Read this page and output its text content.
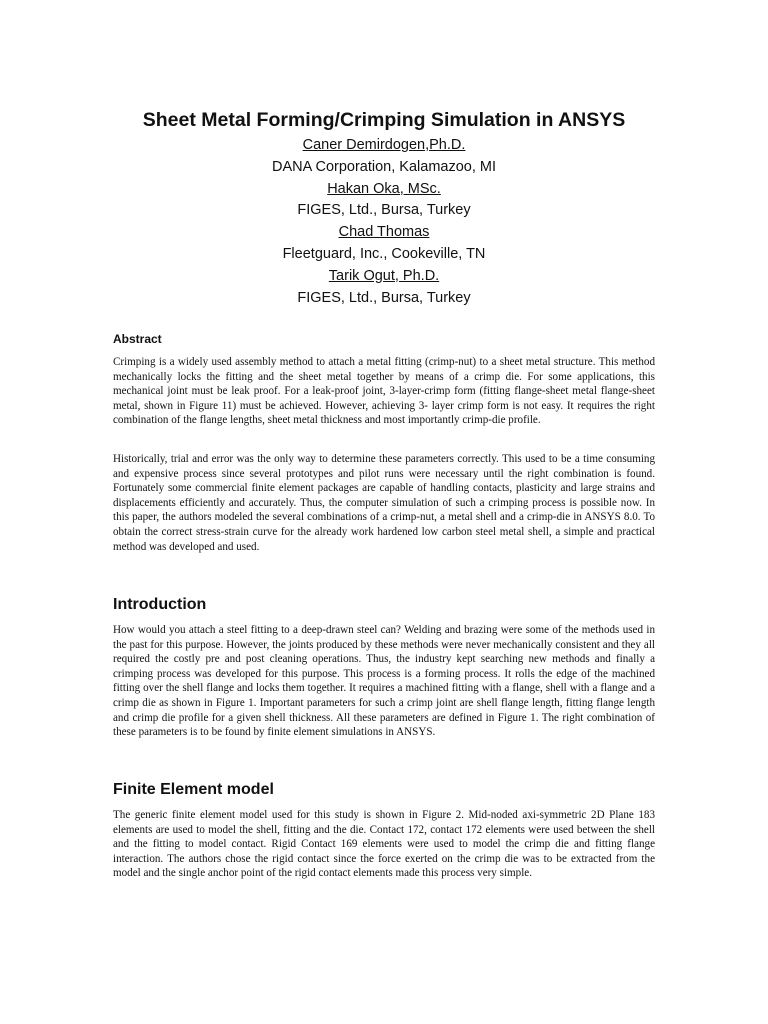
Sheet Metal Forming/Crimping Simulation in ANSYS
Caner Demirdogen,Ph.D.
DANA Corporation, Kalamazoo, MI
Hakan Oka, MSc.
FIGES, Ltd., Bursa, Turkey
Chad Thomas
Fleetguard, Inc., Cookeville, TN
Tarik Ogut, Ph.D.
FIGES, Ltd., Bursa, Turkey
Abstract

Crimping is a widely used assembly method to attach a metal fitting (crimp-nut) to a sheet metal structure. This method mechanically locks the fitting and the sheet metal together by means of a crimp die. For some applications, this mechanical joint must be leak proof. For a leak-proof joint, 3-layer-crimp form (fitting flange-sheet metal flange-sheet metal, shown in Figure 11) must be achieved. However, achieving 3- layer crimp form is not easy. It requires the right combination of the flange lengths, sheet metal thickness and most importantly crimp-die profile.

Historically, trial and error was the only way to determine these parameters correctly. This used to be a time consuming and expensive process since several prototypes and pilot runs were necessary until the right combination is found. Fortunately some commercial finite element packages are capable of handling contacts, plasticity and large strains and displacements efficiently and accurately. Thus, the computer simulation of such a crimping process is possible now. In this paper, the authors modeled the several combinations of a crimp-nut, a metal shell and a crimp-die in ANSYS 8.0. To obtain the correct stress-strain curve for the already work hardened low carbon steel metal shell, a simple and practical method was developed and used.

Introduction

How would you attach a steel fitting to a deep-drawn steel can? Welding and brazing were some of the methods used in the past for this purpose. However, the joints produced by these methods were never mechanically consistent and they all required the costly pre and post cleaning operations. Thus, the industry kept searching new methods and finally a crimping process was developed for this purpose. This process is a forming process. It rolls the edge of the machined fitting over the shell flange and locks them together. It requires a machined fitting with a flange, shell with a flange and a crimp die as shown in Figure 1. Important parameters for such a crimp joint are shell flange length, fitting flange length and crimp die profile for a given shell thickness. All these parameters are defined in Figure 1. The right combination of these parameters is to be found by finite element simulations in ANSYS.

Finite Element model

The generic finite element model used for this study is shown in Figure 2. Mid-noded axi-symmetric 2D Plane 183 elements are used to model the shell, fitting and the die. Contact 172, contact 172 elements were used between the shell and the fitting to model contact. Rigid Contact 169 elements were used to model the crimp die and fitting flange interaction. The authors chose the rigid contact since the force exerted on the crimp die was to be extracted from the model and the single anchor point of the rigid contact elements made this process very simple.
